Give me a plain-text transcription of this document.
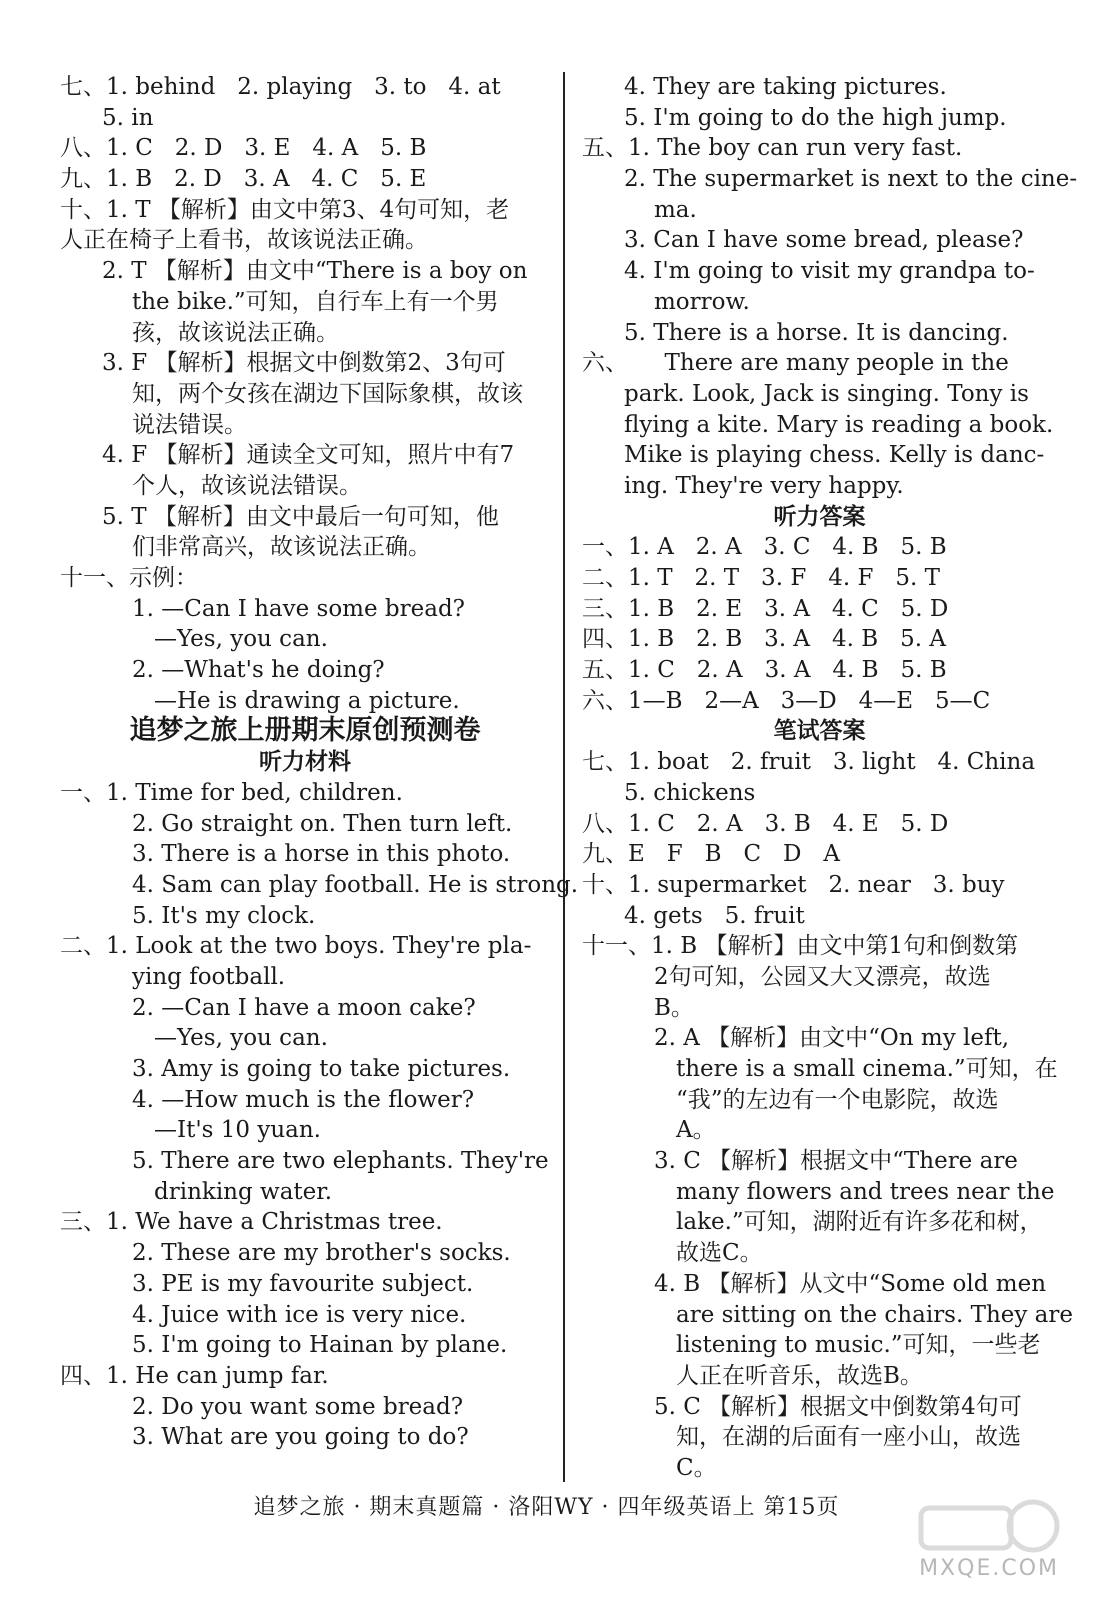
七、1. behind   2. playing   3. to   4. at
5. in
八、1. C   2. D   3. E   4. A   5. B
九、1. B   2. D   3. A   4. C   5. E
十、1. T 【解析】由文中第3、4句可知，老
人正在椅子上看书，故该说法正确。
2. T 【解析】由文中“There is a boy on
the bike.”可知，自行车上有一个男
孩，故该说法正确。
3. F 【解析】根据文中倒数第2、3句可
知，两个女孩在湖边下国际象棋，故该
说法错误。
4. F 【解析】通读全文可知，照片中有7
个人，故该说法错误。
5. T 【解析】由文中最后一句可知，他
们非常高兴，故该说法正确。
十一、示例：
1. —Can I have some bread?
—Yes, you can.
2. —What's he doing?
—He is drawing a picture.
追梦之旅上册期末原创预测卷
听力材料
一、1. Time for bed, children.
2. Go straight on. Then turn left.
3. There is a horse in this photo.
4. Sam can play football. He is strong.
5. It's my clock.
二、1. Look at the two boys. They're pla-
ying football.
2. —Can I have a moon cake?
—Yes, you can.
3. Amy is going to take pictures.
4. —How much is the flower?
—It's 10 yuan.
5. There are two elephants. They're
drinking water.
三、1. We have a Christmas tree.
2. These are my brother's socks.
3. PE is my favourite subject.
4. Juice with ice is very nice.
5. I'm going to Hainan by plane.
四、1. He can jump far.
2. Do you want some bread?
3. What are you going to do?
4. They are taking pictures.
5. I'm going to do the high jump.
五、1. The boy can run very fast.
2. The supermarket is next to the cine-
ma.
3. Can I have some bread, please?
4. I'm going to visit my grandpa to-
morrow.
5. There is a horse. It is dancing.
六、     There are many people in the
park. Look, Jack is singing. Tony is
flying a kite. Mary is reading a book.
Mike is playing chess. Kelly is danc-
ing. They're very happy.
听力答案
一、1. A   2. A   3. C   4. B   5. B
二、1. T   2. T   3. F   4. F   5. T
三、1. B   2. E   3. A   4. C   5. D
四、1. B   2. B   3. A   4. B   5. A
五、1. C   2. A   3. A   4. B   5. B
六、1—B   2—A   3—D   4—E   5—C
笔试答案
七、1. boat   2. fruit   3. light   4. China
5. chickens
八、1. C   2. A   3. B   4. E   5. D
九、E   F   B   C   D   A
十、1. supermarket   2. near   3. buy
4. gets   5. fruit
十一、1. B 【解析】由文中第1句和倒数第
2句可知，公园又大又漂亮，故选
B。
2. A 【解析】由文中“On my left,
there is a small cinema.”可知，在
“我”的左边有一个电影院，故选
A。
3. C 【解析】根据文中“There are
many flowers and trees near the
lake.”可知，湖附近有许多花和树，
故选C。
4. B 【解析】从文中“Some old men
are sitting on the chairs. They are
listening to music.”可知，一些老
人正在听音乐，故选B。
5. C 【解析】根据文中倒数第4句可
知，在湖的后面有一座小山，故选
C。
追梦之旅 · 期末真题篇 · 洛阳WY · 四年级英语上 第15页
MXQE.COM
